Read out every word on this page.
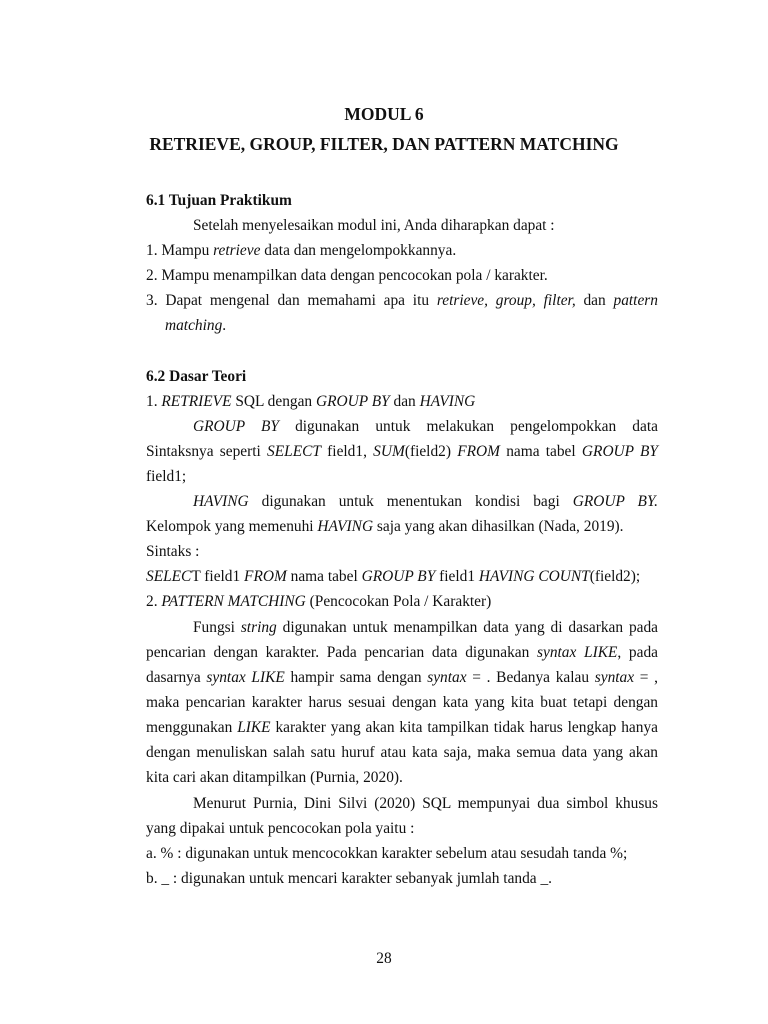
MODUL 6
RETRIEVE, GROUP, FILTER, DAN PATTERN MATCHING
6.1 Tujuan Praktikum
Setelah menyelesaikan modul ini, Anda diharapkan dapat :
1. Mampu retrieve data dan mengelompokkannya.
2. Mampu menampilkan data dengan pencocokan pola / karakter.
3. Dapat mengenal dan memahami apa itu retrieve, group, filter, dan pattern
matching.
6.2 Dasar Teori
1. RETRIEVE SQL dengan GROUP BY dan HAVING
GROUP BY digunakan untuk melakukan pengelompokkan data
Sintaksnya seperti SELECT field1, SUM(field2) FROM nama tabel GROUP BY
field1;
HAVING digunakan untuk menentukan kondisi bagi GROUP BY.
Kelompok yang memenuhi HAVING saja yang akan dihasilkan (Nada, 2019).
Sintaks :
SELECT field1 FROM nama tabel GROUP BY field1 HAVING COUNT(field2);
2. PATTERN MATCHING (Pencocokan Pola / Karakter)
Fungsi string digunakan untuk menampilkan data yang di dasarkan pada
pencarian dengan karakter. Pada pencarian data digunakan syntax LIKE, pada
dasarnya syntax LIKE hampir sama dengan syntax = . Bedanya kalau syntax = ,
maka pencarian karakter harus sesuai dengan kata yang kita buat tetapi dengan
menggunakan LIKE karakter yang akan kita tampilkan tidak harus lengkap hanya
dengan menuliskan salah satu huruf atau kata saja, maka semua data yang akan
kita cari akan ditampilkan (Purnia, 2020).
Menurut Purnia, Dini Silvi (2020) SQL mempunyai dua simbol khusus
yang dipakai untuk pencocokan pola yaitu :
a. % : digunakan untuk mencocokkan karakter sebelum atau sesudah tanda %;
b. _ : digunakan untuk mencari karakter sebanyak jumlah tanda _.
28
